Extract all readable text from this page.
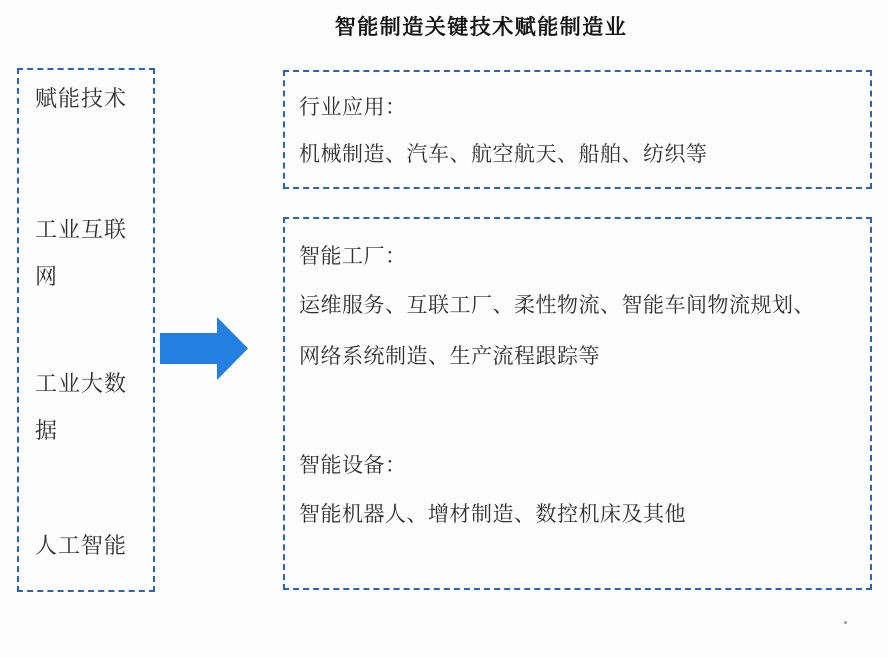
智能制造关键技术赋能制造业
赋能技术
工业互联网
工业大数据
人工智能
行业应用：
机械制造、汽车、航空航天、船舶、纺织等
智能工厂：
运维服务、互联工厂、柔性物流、智能车间物流规划、
网络系统制造、生产流程跟踪等
智能设备：
智能机器人、增材制造、数控机床及其他
